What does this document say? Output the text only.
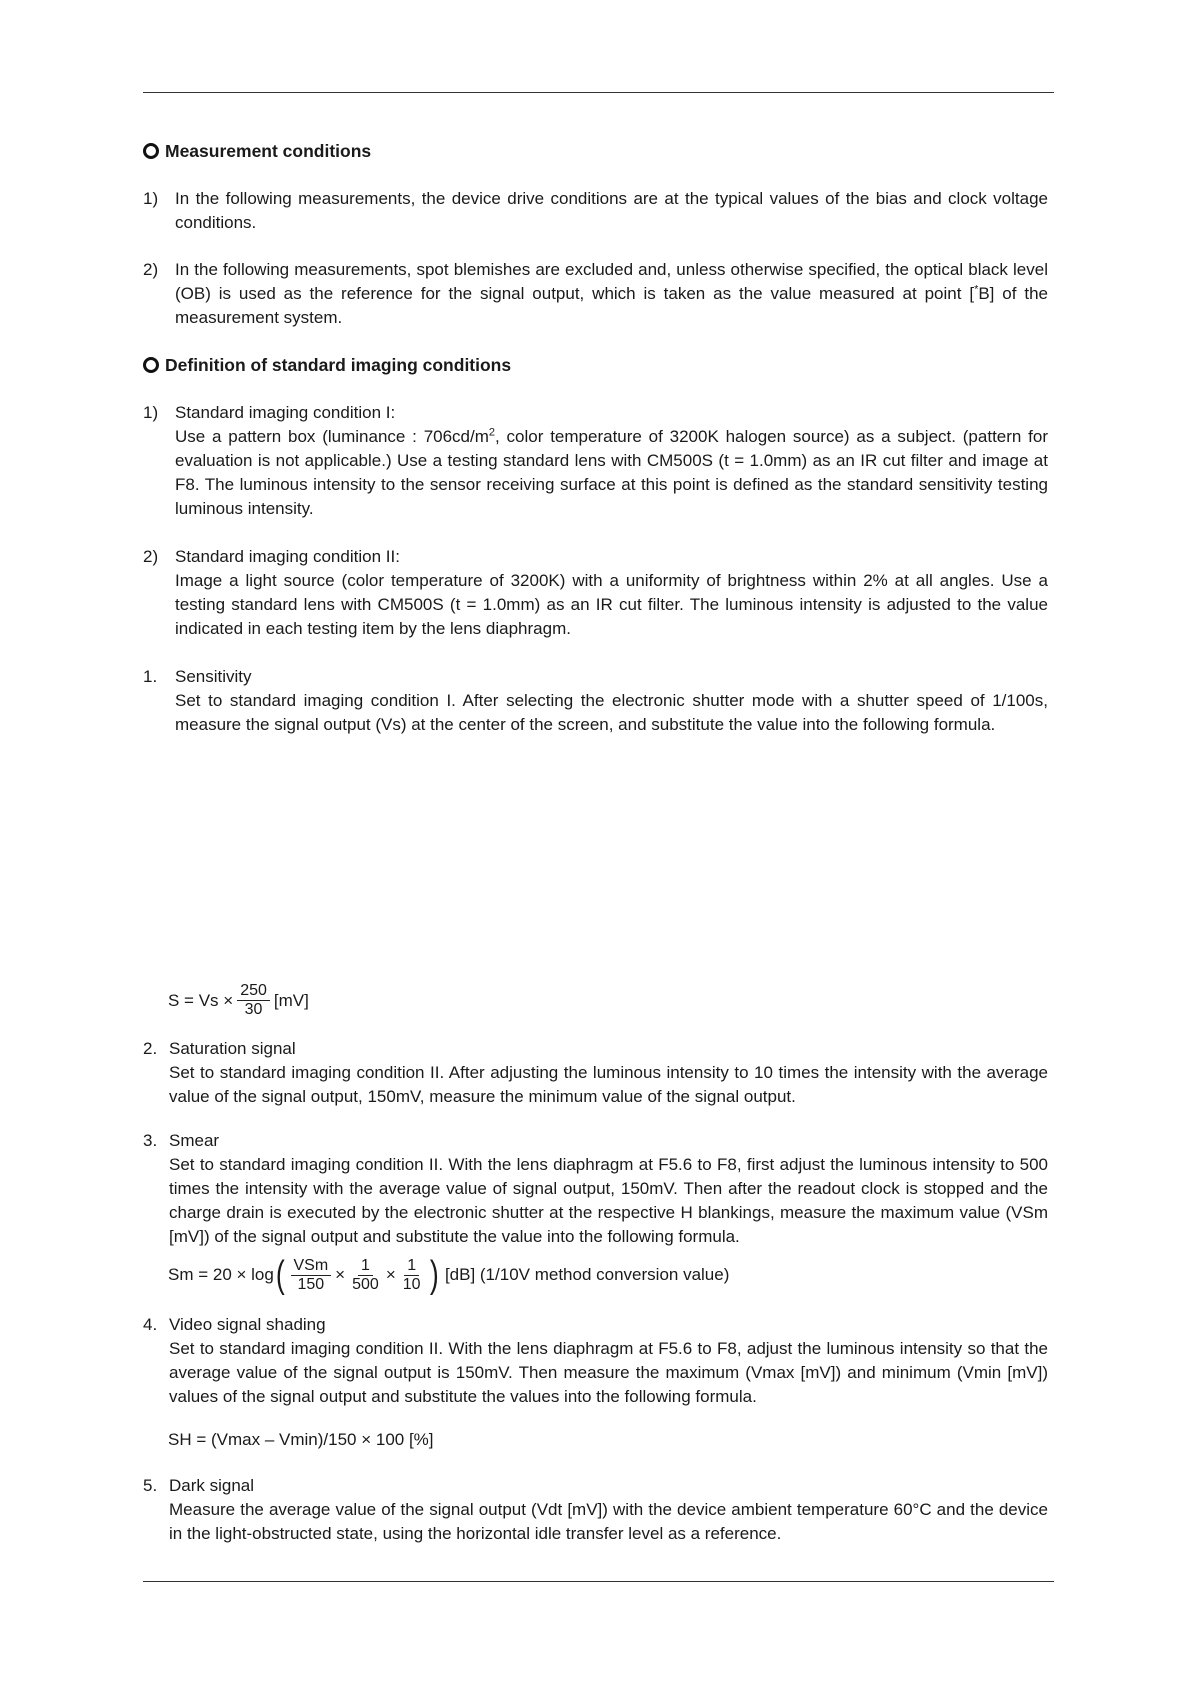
Measurement conditions
1) In the following measurements, the device drive conditions are at the typical values of the bias and clock voltage conditions.
2) In the following measurements, spot blemishes are excluded and, unless otherwise specified, the optical black level (OB) is used as the reference for the signal output, which is taken as the value measured at point [*B] of the measurement system.
Definition of standard imaging conditions
1) Standard imaging condition I:
Use a pattern box (luminance : $706cd/m^2$, color temperature of 3200K halogen source) as a subject. (pattern for evaluation is not applicable.) Use a testing standard lens with CM500S (t = 1.0mm) as an IR cut filter and image at F8. The luminous intensity to the sensor receiving surface at this point is defined as the standard sensitivity testing luminous intensity.
2) Standard imaging condition II:
Image a light source (color temperature of 3200K) with a uniformity of brightness within 2% at all angles. Use a testing standard lens with CM500S (t = 1.0mm) as an IR cut filter. The luminous intensity is adjusted to the value indicated in each testing item by the lens diaphragm.
1.	Sensitivity
Set to standard imaging condition I. After selecting the electronic shutter mode with a shutter speed of 1/100s, measure the signal output (Vs) at the center of the screen, and substitute the value into the following formula.
$S = Vs \times \frac{250}{30} [mV]$
2. Saturation signal
Set to standard imaging condition II. After adjusting the luminous intensity to 10 times the intensity with the average value of the signal output, 150mV, measure the minimum value of the signal output.
3. Smear
Set to standard imaging condition II. With the lens diaphragm at F5.6 to F8, first adjust the luminous intensity to 500 times the intensity with the average value of signal output, 150mV. Then after the readout clock is stopped and the charge drain is executed by the electronic shutter at the respective H blankings, measure the maximum value (VSm [mV]) of the signal output and substitute the value into the following formula.
Sm = 20 × log ( $\frac{\text{VSm}}{150} \times \frac{1}{500} \times \frac{1}{10}$ )
[dB] (1/10V method conversion value)
4. Video signal shading
Set to standard imaging condition II. With the lens diaphragm at F5.6 to F8, adjust the luminous intensity so that the average value of the signal output is 150mV. Then measure the maximum (Vmax [mV]) and minimum (Vmin [mV]) values of the signal output and substitute the values into the following formula.
SH = (Vmax – Vmin)/150 × 100 [%]
5. Dark signal
Measure the average value of the signal output (Vdt [mV]) with the device ambient temperature 60°C and the device in the light-obstructed state, using the horizontal idle transfer level as a reference.
